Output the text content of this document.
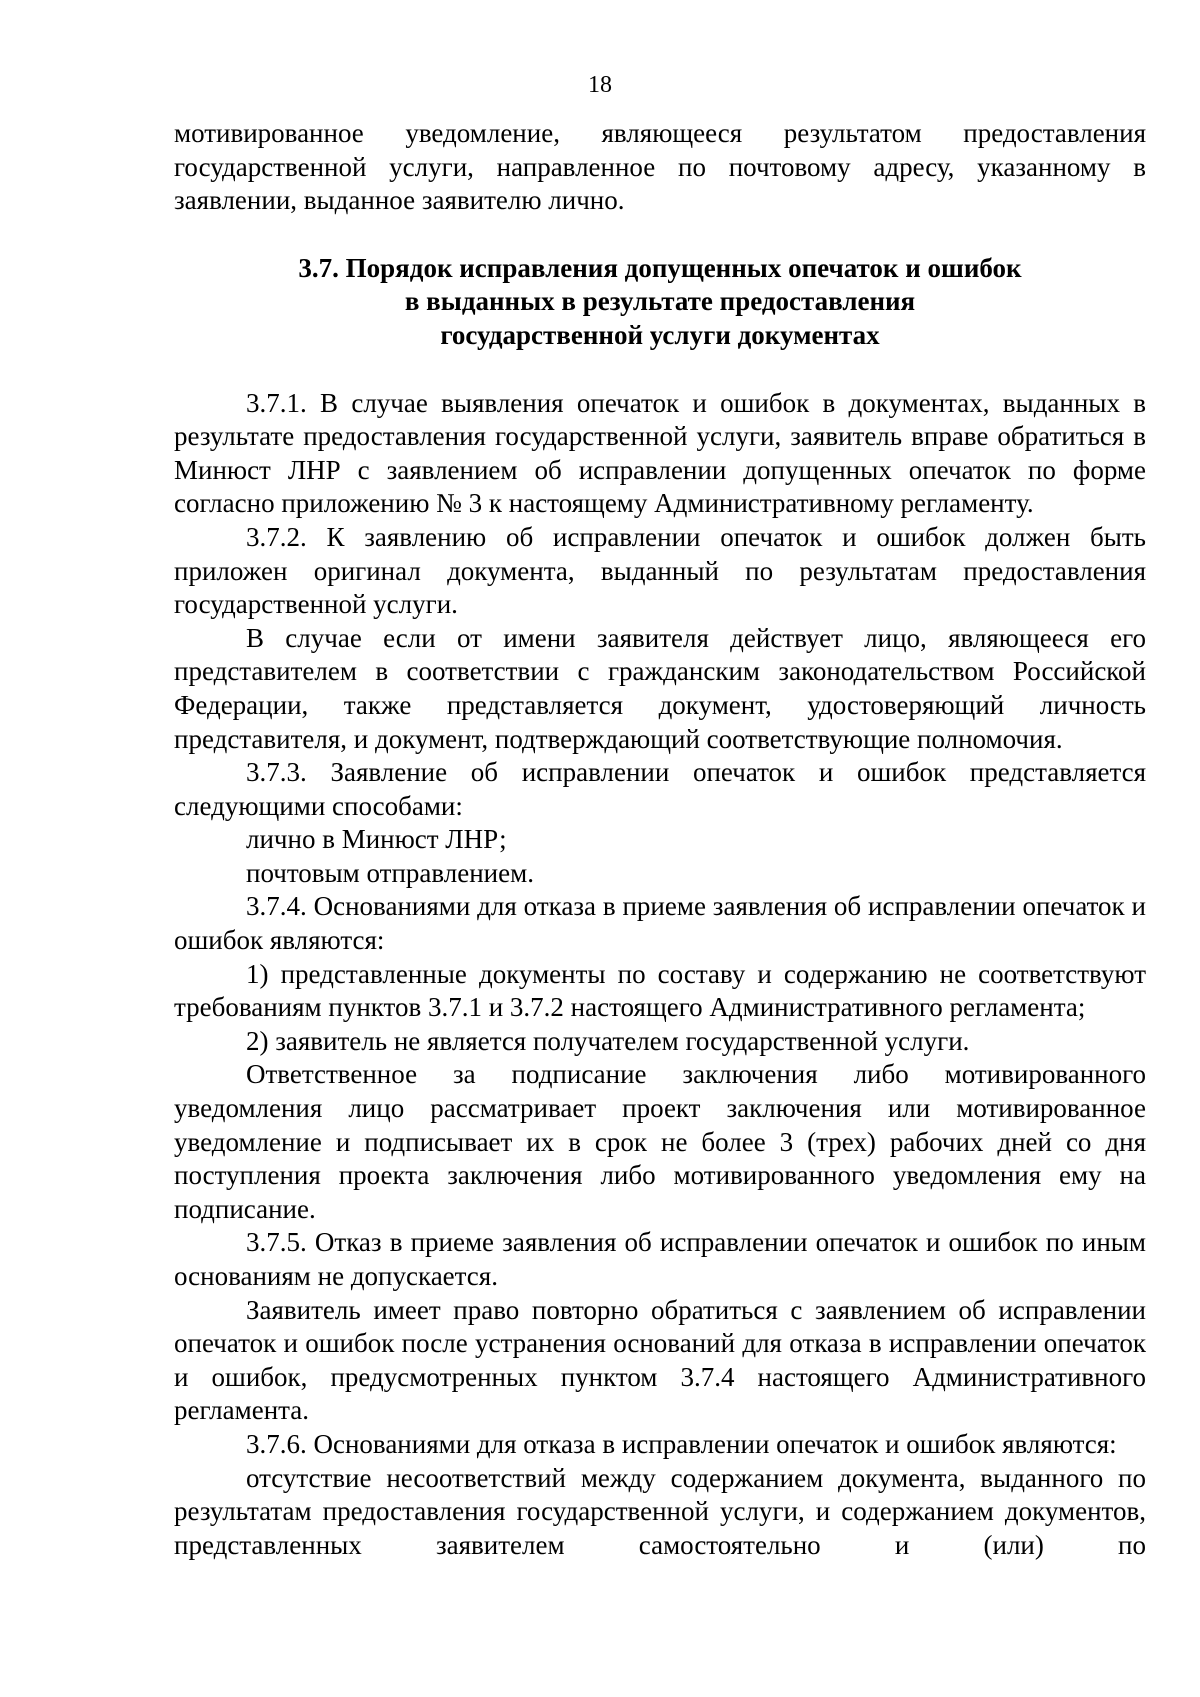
18

мотивированное уведомление, являющееся результатом предоставления государственной услуги, направленное по почтовому адресу, указанному в заявлении, выданное заявителю лично.

3.7. Порядок исправления допущенных опечаток и ошибок
в выданных в результате предоставления
государственной услуги документах

3.7.1. В случае выявления опечаток и ошибок в документах, выданных в результате предоставления государственной услуги, заявитель вправе обратиться в Минюст ЛНР с заявлением об исправлении допущенных опечаток по форме согласно приложению № 3 к настоящему Административному регламенту.

3.7.2. К заявлению об исправлении опечаток и ошибок должен быть приложен оригинал документа, выданный по результатам предоставления государственной услуги.

В случае если от имени заявителя действует лицо, являющееся его представителем в соответствии с гражданским законодательством Российской Федерации, также представляется документ, удостоверяющий личность представителя, и документ, подтверждающий соответствующие полномочия.

3.7.3. Заявление об исправлении опечаток и ошибок представляется следующими способами:

лично в Минюст ЛНР;

почтовым отправлением.

3.7.4. Основаниями для отказа в приеме заявления об исправлении опечаток и ошибок являются:

1) представленные документы по составу и содержанию не соответствуют требованиям пунктов 3.7.1 и 3.7.2 настоящего Административного регламента;

2) заявитель не является получателем государственной услуги.

Ответственное за подписание заключения либо мотивированного уведомления лицо рассматривает проект заключения или мотивированное уведомление и подписывает их в срок не более 3 (трех) рабочих дней со дня поступления проекта заключения либо мотивированного уведомления ему на подписание.

3.7.5. Отказ в приеме заявления об исправлении опечаток и ошибок по иным основаниям не допускается.

Заявитель имеет право повторно обратиться с заявлением об исправлении опечаток и ошибок после устранения оснований для отказа в исправлении опечаток и ошибок, предусмотренных пунктом 3.7.4 настоящего Административного регламента.

3.7.6. Основаниями для отказа в исправлении опечаток и ошибок являются:

отсутствие несоответствий между содержанием документа, выданного по результатам предоставления государственной услуги, и содержанием документов, представленных заявителем самостоятельно и (или) по
